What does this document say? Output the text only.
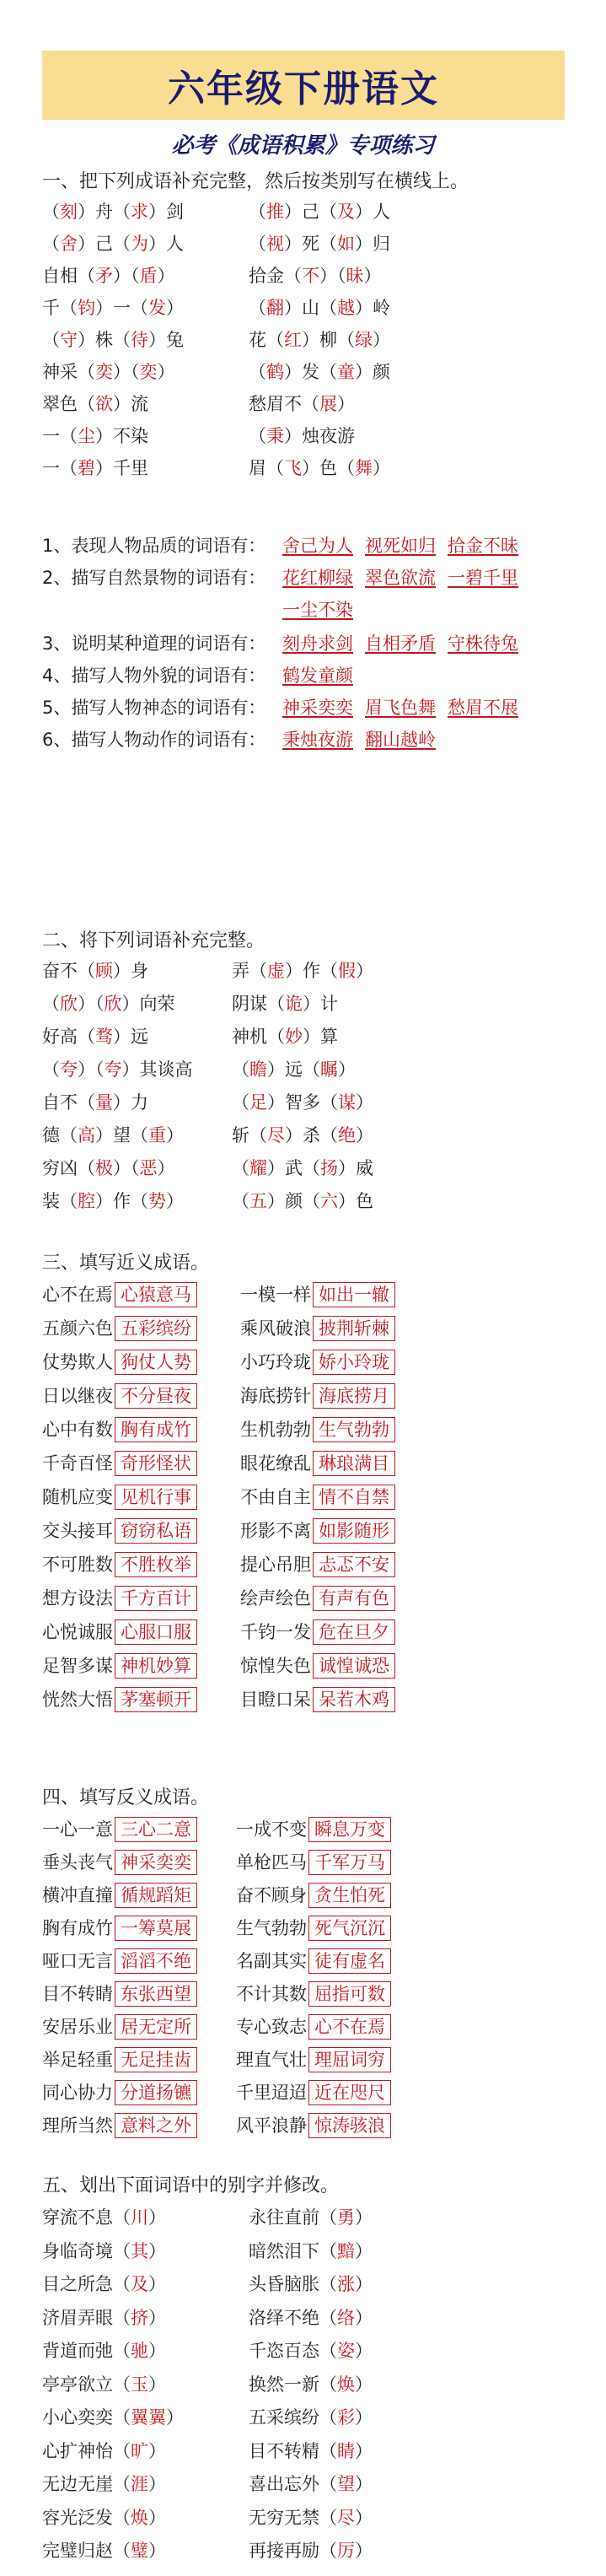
六年级下册语文
必考《成语积累》专项练习
一、把下列成语补充完整，然后按类别写在横线上。
（刻）舟（求）剑	（推）己（及）人
（舍）己（为）人	（视）死（如）归
自相（矛）（盾）	拾金（不）（昧）
千（钧）一（发）	（翻）山（越）岭
（守）株（待）兔	花（红）柳（绿）
神采（奕）（奕）	（鹤）发（童）颜
翠色（欲）流	愁眉不（展）
一（尘）不染	（秉）烛夜游
一（碧）千里	眉（飞）色（舞）
1、表现人物品质的词语有： 舍己为人 视死如归 拾金不昧
2、描写自然景物的词语有： 花红柳绿 翠色欲流 一碧千里
一尘不染
3、说明某种道理的词语有： 刻舟求剑 自相矛盾 守株待兔
4、描写人物外貌的词语有： 鹤发童颜
5、描写人物神态的词语有： 神采奕奕 眉飞色舞 愁眉不展
6、描写人物动作的词语有： 秉烛夜游 翻山越岭
二、将下列词语补充完整。
奋不（顾）身	弄（虚）作（假）
（欣）（欣）向荣	阴谋（诡）计
好高（骛）远	神机（妙）算
（夸）（夸）其谈高 （瞻）远（瞩）
自不（量）力	（足）智多（谋）
德（高）望（重）	斩（尽）杀（绝）
穷凶（极）（恶）	（耀）武（扬）威
装（腔）作（势）	（五）颜（六）色
三、填写近义成语。
心不在焉 心猿意马	一模一样 如出一辙
五颜六色 五彩缤纷	乘风破浪 披荆斩棘
仗势欺人 狗仗人势	小巧玲珑 娇小玲珑
日以继夜 不分昼夜	海底捞针 海底捞月
心中有数 胸有成竹	生机勃勃 生气勃勃
千奇百怪 奇形怪状	眼花缭乱 琳琅满目
随机应变 见机行事	不由自主 情不自禁
交头接耳 窃窃私语	形影不离 如影随形
不可胜数 不胜枚举	提心吊胆 忐忑不安
想方设法 千方百计	绘声绘色 有声有色
心悦诚服 心服口服	千钧一发 危在旦夕
足智多谋 神机妙算	惊惶失色 诚惶诚恐
恍然大悟 茅塞顿开	目瞪口呆 呆若木鸡
四、填写反义成语。
一心一意 三心二意	一成不变 瞬息万变
垂头丧气 神采奕奕	单枪匹马 千军万马
横冲直撞 循规蹈矩	奋不顾身 贪生怕死
胸有成竹 一筹莫展	生气勃勃 死气沉沉
哑口无言 滔滔不绝	名副其实 徒有虚名
目不转睛 东张西望	不计其数 屈指可数
安居乐业 居无定所	专心致志 心不在焉
举足轻重 无足挂齿	理直气壮 理屈词穷
同心协力 分道扬镳	千里迢迢 近在咫尺
理所当然 意料之外	风平浪静 惊涛骇浪
五、划出下面词语中的别字并修改。
穿流不息（川）	永往直前（勇）
身临奇境（其）	暗然泪下（黯）
目之所急（及）	头昏脑胀（涨）
济眉弄眼（挤）	洛绎不绝（络）
背道而弛（驰）	千恣百态（姿）
亭亭欲立（玉）	换然一新（焕）
小心奕奕（翼翼）	五采缤纷（彩）
心扩神怡（旷）	目不转精（睛）
无边无崖（涯）	喜出忘外（望）
容光泛发（焕）	无穷无禁（尽）
完璧归赵（璧）	再接再励（厉）
